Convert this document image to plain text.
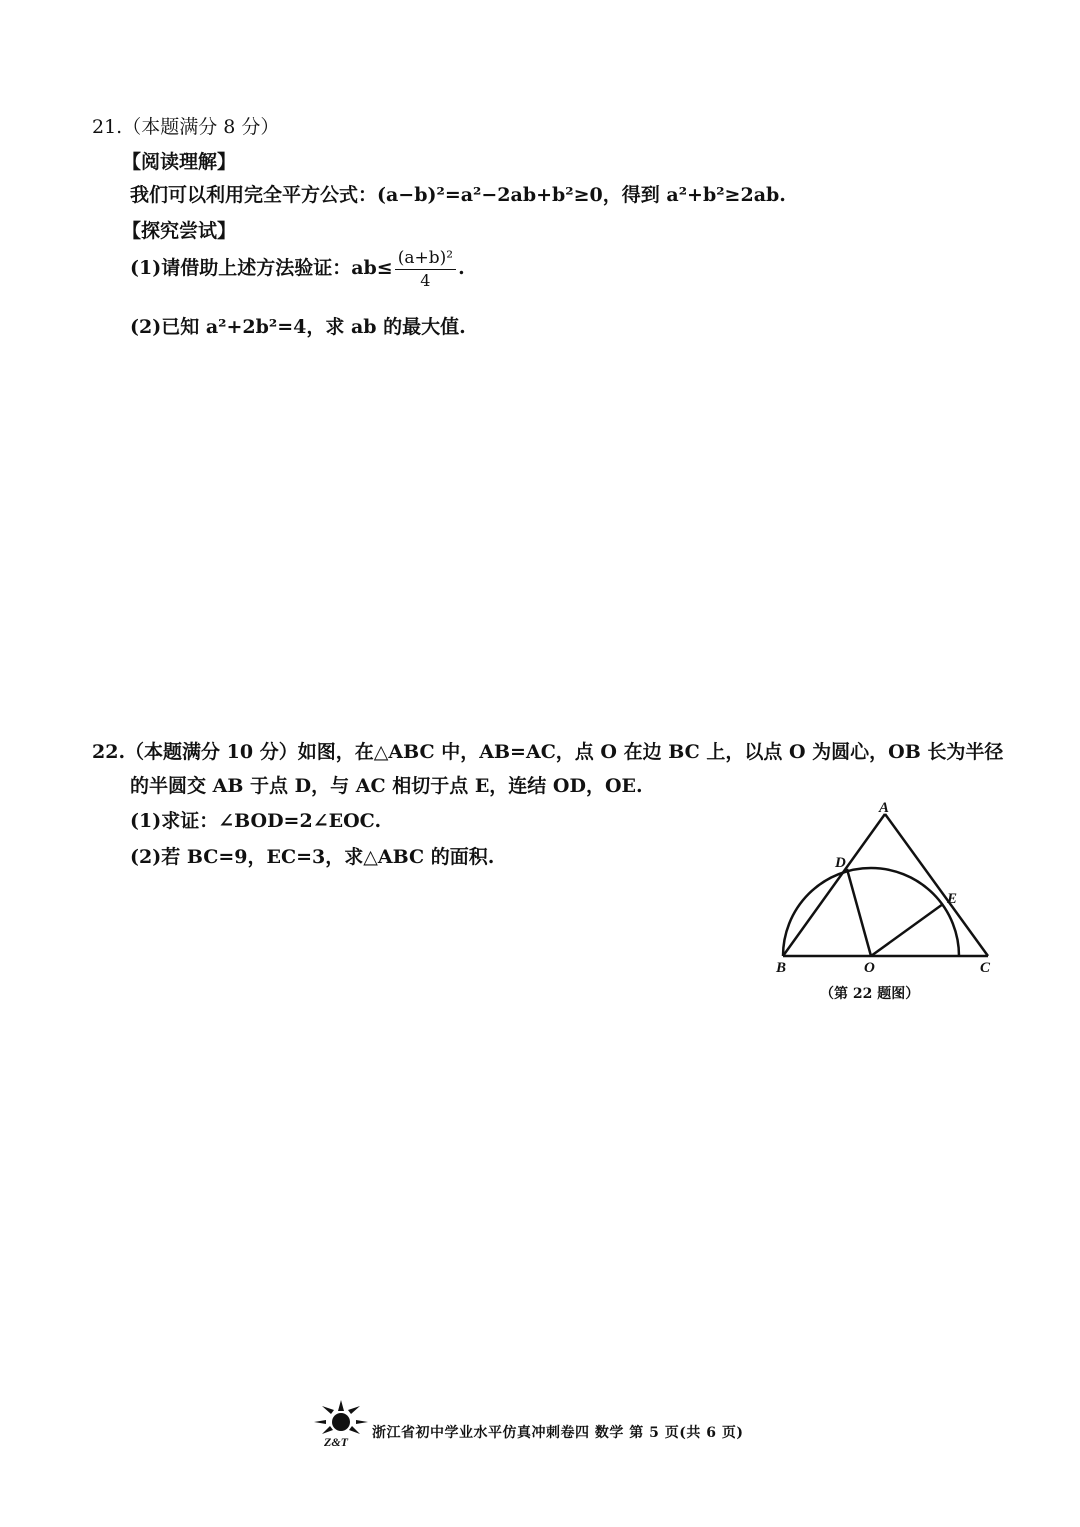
21.（本题满分 8 分）
【阅读理解】
我们可以利用完全平方公式：(a−b)²=a²−2ab+b²≥0，得到 a²+b²≥2ab.
【探究尝试】
(1)请借助上述方法验证：$ab\le \frac{\text{(a+b)²}}{4}$ .
(2)已知 a²+2b²=4，求 ab 的最大值.
22.（本题满分 10 分）如图，在△ABC 中，AB=AC，点 O 在边 BC 上，以点 O 为圆心，OB 长为半径
的半圆交 AB 于点 D，与 AC 相切于点 E，连结 OD，OE.
(1)求证：∠BOD=2∠EOC.
(2)若 BC=9，EC=3，求△ABC 的面积.
A
D
E
B	O	C
（第 22 题图）
Z&T
浙江省初中学业水平仿真冲刺卷四 数学 第 5 页(共 6 页)
